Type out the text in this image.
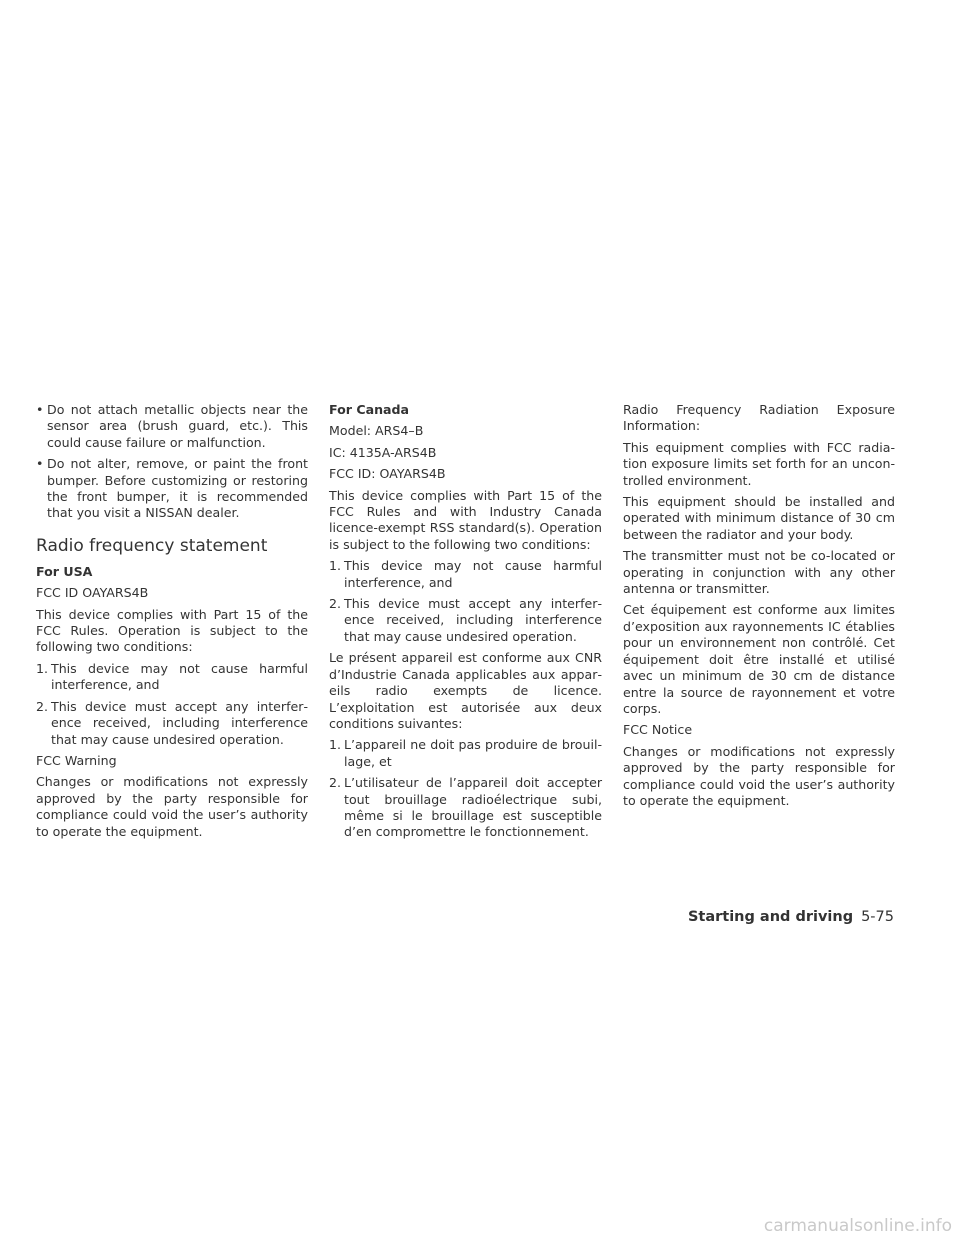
• Do not attach metallic objects near the sensor area (brush guard, etc.). This could cause failure or malfunction.
• Do not alter, remove, or paint the front bumper. Before customizing or restoring the front bumper, it is recommended that you visit a NISSAN dealer.
Radio frequency statement

For USA

FCC ID OAYARS4B

This device complies with Part 15 of the FCC Rules. Operation is subject to the following two conditions:

1. This device may not cause harmful interference, and
2. This device must accept any interference received, including interference that may cause undesired operation.

FCC Warning

Changes or modifications not expressly approved by the party responsible for compliance could void the user’s authority to operate the equipment.

For Canada

Model: ARS4–B

IC: 4135A-ARS4B

FCC ID: OAYARS4B

This device complies with Part 15 of the FCC Rules and with Industry Canada licence-exempt RSS standard(s). Operation is subject to the following two conditions:

1. This device may not cause harmful interference, and
2. This device must accept any interference received, including interference that may cause undesired operation.

Le présent appareil est conforme aux CNR d’Industrie Canada applicables aux appareils radio exempts de licence. L’exploitation est autorisée aux deux conditions suivantes:

1. L’appareil ne doit pas produire de brouillage, et
2. L’utilisateur de l’appareil doit accepter tout brouillage radioélectrique subi, même si le brouillage est susceptible d’en compromettre le fonctionnement.

Radio Frequency Radiation Exposure Information:

This equipment complies with FCC radiation exposure limits set forth for an uncontrolled environment.

This equipment should be installed and operated with minimum distance of 30 cm between the radiator and your body.

The transmitter must not be co-located or operating in conjunction with any other antenna or transmitter.

Cet équipement est conforme aux limites d’exposition aux rayonnements IC établies pour un environnement non contrôlé. Cet équipement doit être installé et utilisé avec un minimum de 30 cm de distance entre la source de rayonnement et votre corps.

FCC Notice

Changes or modifications not expressly approved by the party responsible for compliance could void the user’s authority to operate the equipment.

Starting and driving 5-75
carmanualsonline.info
